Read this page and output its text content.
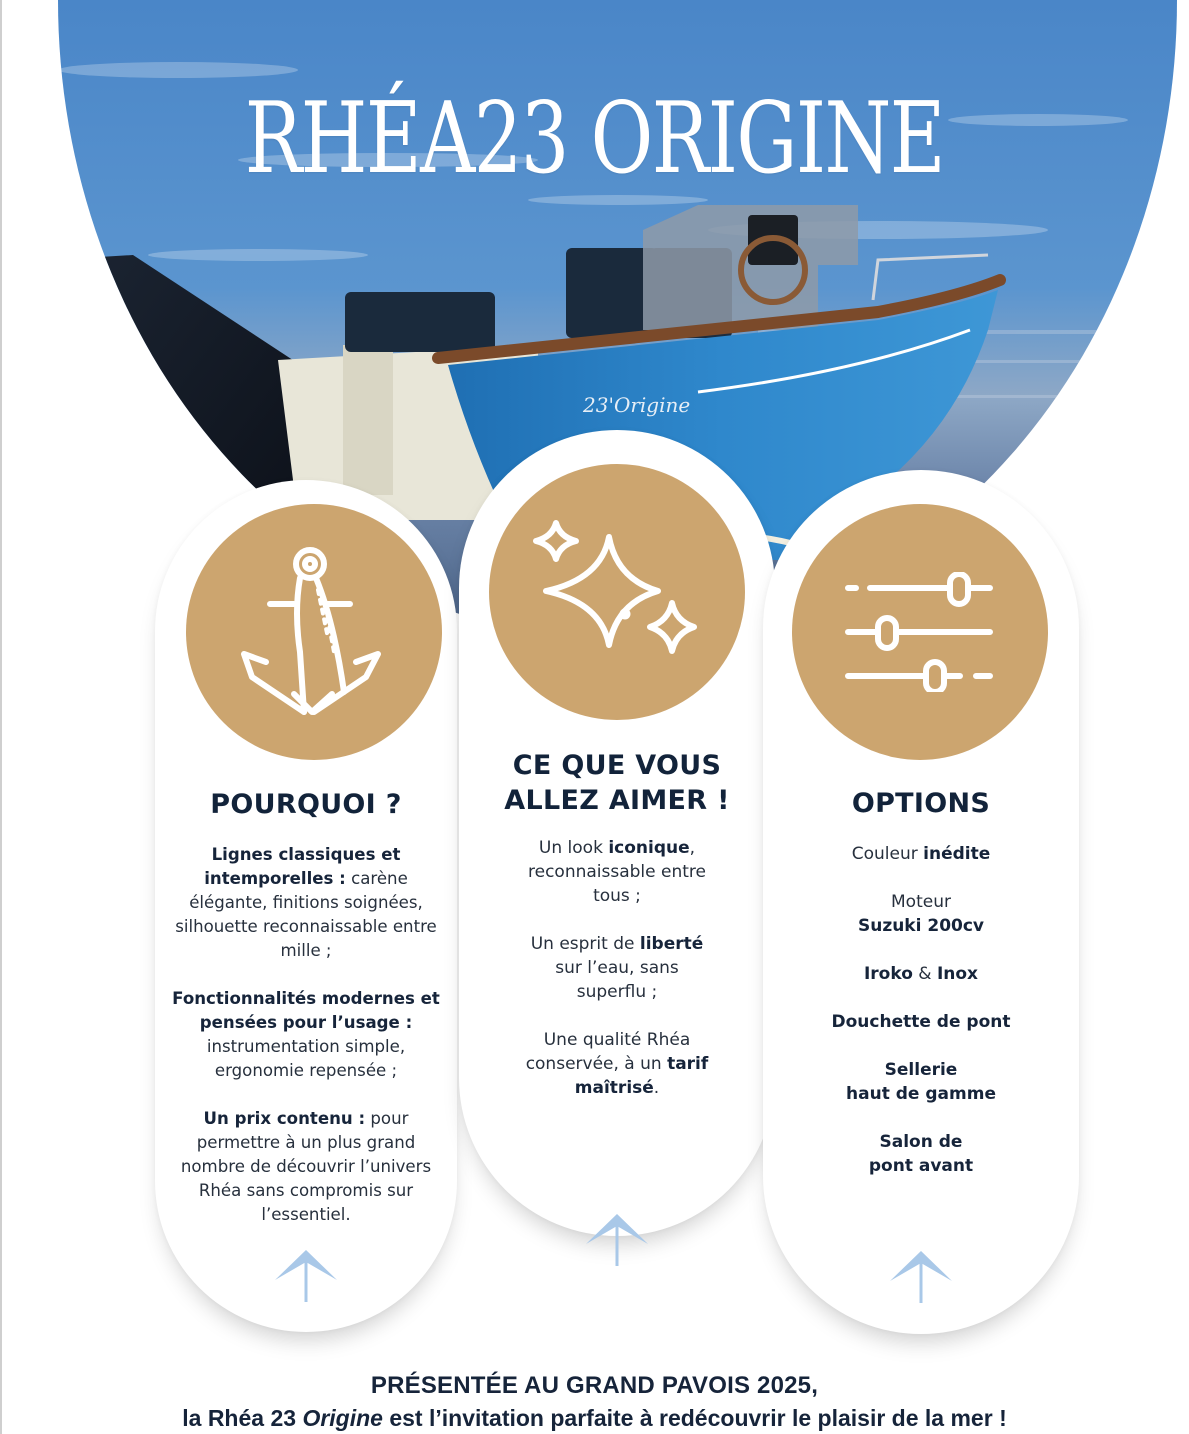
23'Origine
RHÉA23 ORIGINE
POURQUOI ?

Lignes classiques et intemporelles : carène élégante, finitions soignées, silhouette reconnaissable entre mille ;

Fonctionnalités modernes et pensées pour l’usage : instrumentation simple, ergonomie repensée ;

Un prix contenu : pour permettre à un plus grand nombre de découvrir l’univers Rhéa sans compromis sur l’essentiel.

CE QUE VOUS
ALLEZ AIMER !

Un look iconique, reconnaissable entre tous ;

Un esprit de liberté sur l’eau, sans superflu ;

Une qualité Rhéa conservée, à un tarif maîtrisé.

OPTIONS

Couleur inédite

Moteur
Suzuki 200cv

Iroko & Inox

Douchette de pont

Sellerie
haut de gamme

Salon de
pont avant

PRÉSENTÉE AU GRAND PAVOIS 2025,
la Rhéa 23 Origine est l’invitation parfaite à redécouvrir le plaisir de la mer !
